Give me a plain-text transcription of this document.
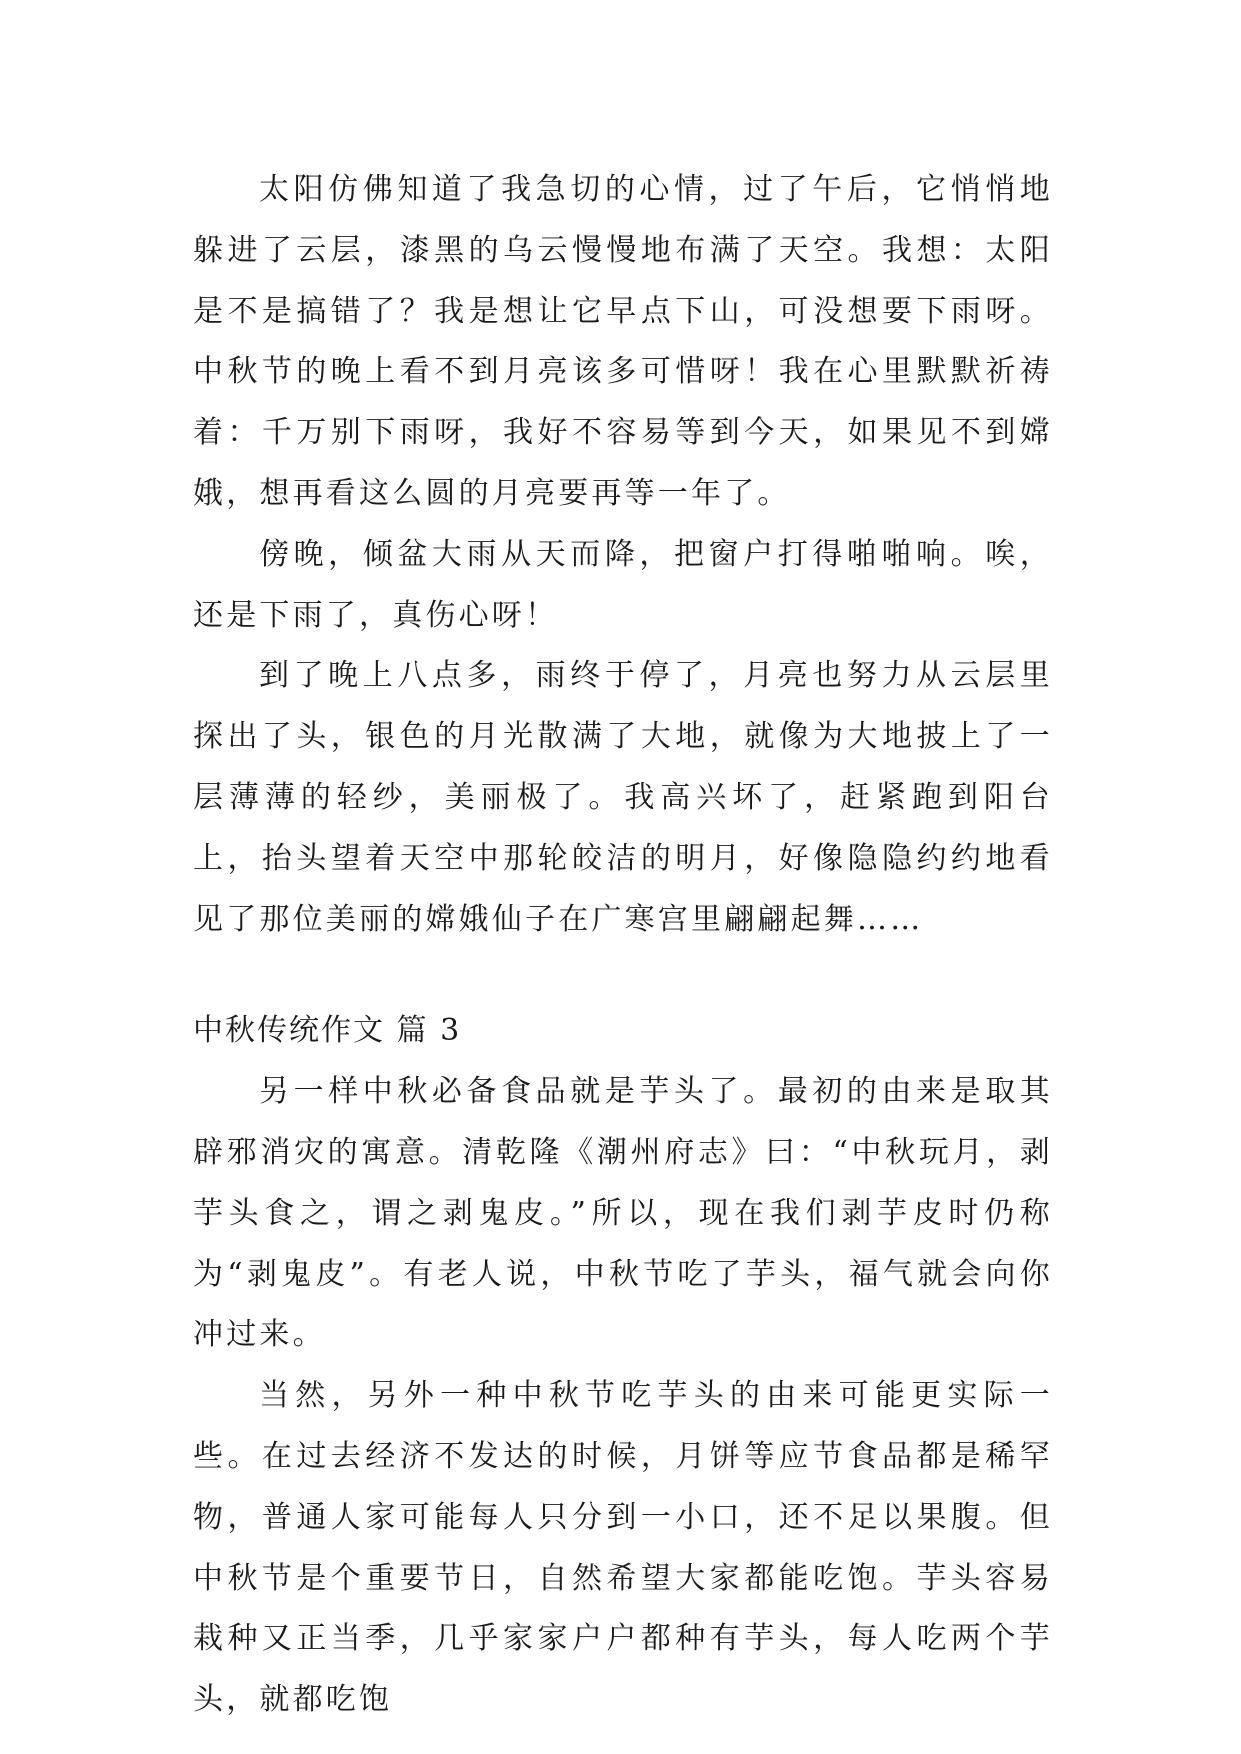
太阳仿佛知道了我急切的心情，过了午后，它悄悄地躲进了云层，漆黑的乌云慢慢地布满了天空。我想：太阳是不是搞错了？我是想让它早点下山，可没想要下雨呀。中秋节的晚上看不到月亮该多可惜呀！我在心里默默祈祷着：千万别下雨呀，我好不容易等到今天，如果见不到嫦娥，想再看这么圆的月亮要再等一年了。

傍晚，倾盆大雨从天而降，把窗户打得啪啪响。唉，还是下雨了，真伤心呀！

到了晚上八点多，雨终于停了，月亮也努力从云层里探出了头，银色的月光散满了大地，就像为大地披上了一层薄薄的轻纱，美丽极了。我高兴坏了，赶紧跑到阳台上，抬头望着天空中那轮皎洁的明月，好像隐隐约约地看见了那位美丽的嫦娥仙子在广寒宫里翩翩起舞……

中秋传统作文 篇 3

另一样中秋必备食品就是芋头了。最初的由来是取其辟邪消灾的寓意。清乾隆《潮州府志》曰：“中秋玩月，剥芋头食之，谓之剥鬼皮。”所以，现在我们剥芋皮时仍称为“剥鬼皮”。有老人说，中秋节吃了芋头，福气就会向你冲过来。

当然，另外一种中秋节吃芋头的由来可能更实际一些。在过去经济不发达的时候，月饼等应节食品都是稀罕物，普通人家可能每人只分到一小口，还不足以果腹。但中秋节是个重要节日，自然希望大家都能吃饱。芋头容易栽种又正当季，几乎家家户户都种有芋头，每人吃两个芋头，就都吃饱
